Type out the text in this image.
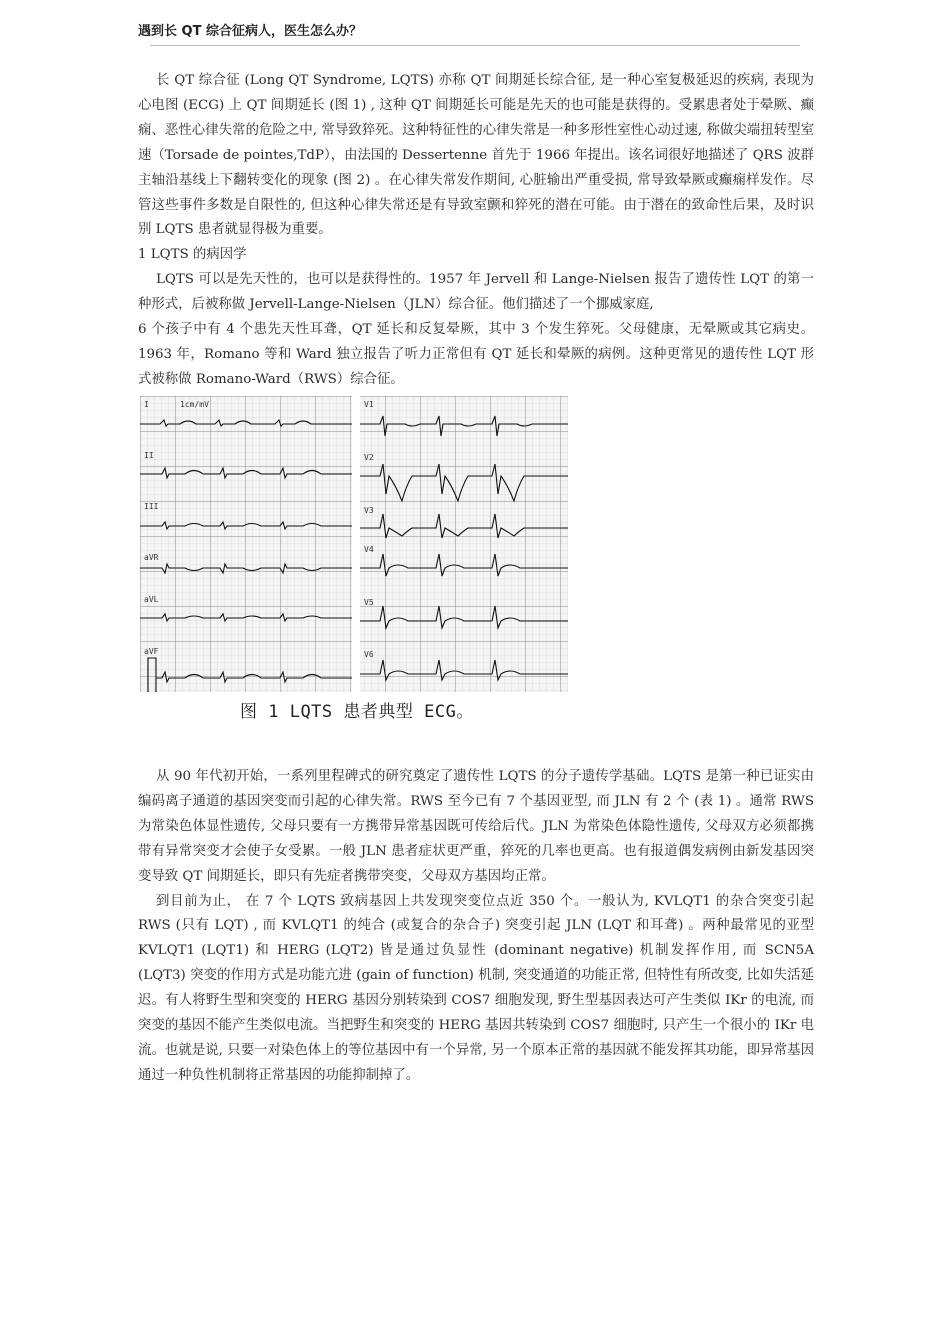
遇到长 QT 综合征病人，医生怎么办？

长 QT 综合征 (Long QT Syndrome, LQTS) 亦称 QT 间期延长综合征, 是一种心室复极延迟的疾病, 表现为心电图 (ECG) 上 QT 间期延长 (图 1) , 这种 QT 间期延长可能是先天的也可能是获得的。受累患者处于晕厥、癫痫、恶性心律失常的危险之中, 常导致猝死。这种特征性的心律失常是一种多形性室性心动过速, 称做尖端扭转型室速（Torsade de pointes,TdP），由法国的 Dessertenne 首先于 1966 年提出。该名词很好地描述了 QRS 波群主轴沿基线上下翻转变化的现象 (图 2) 。在心律失常发作期间, 心脏输出严重受损, 常导致晕厥或癫痫样发作。尽管这些事件多数是自限性的, 但这种心律失常还是有导致室颤和猝死的潜在可能。由于潜在的致命性后果，及时识别 LQTS 患者就显得极为重要。

1 LQTS 的病因学

LQTS 可以是先天性的，也可以是获得性的。1957 年 Jervell 和 Lange-Nielsen 报告了遗传性 LQT 的第一种形式，后被称做 Jervell-Lange-Nielsen（JLN）综合征。他们描述了一个挪威家庭,

6 个孩子中有 4 个患先天性耳聋，QT 延长和反复晕厥，其中 3 个发生猝死。父母健康，无晕厥或其它病史。1963 年，Romano 等和 Ward 独立报告了听力正常但有 QT 延长和晕厥的病例。这种更常见的遗传性 LQT 形式被称做 Romano-Ward（RWS）综合征。

I	1cm/mV
II
III
aVR
aVL
aVF
V1
V2
V3
V4
V5
V6
图 1 LQTS 患者典型 ECG。

从 90 年代初开始，一系列里程碑式的研究奠定了遗传性 LQTS 的分子遗传学基础。LQTS 是第一种已证实由编码离子通道的基因突变而引起的心律失常。RWS 至今已有 7 个基因亚型, 而 JLN 有 2 个 (表 1) 。通常 RWS 为常染色体显性遗传, 父母只要有一方携带异常基因既可传给后代。JLN 为常染色体隐性遗传, 父母双方必须都携带有异常突变才会使子女受累。一般 JLN 患者症状更严重，猝死的几率也更高。也有报道偶发病例由新发基因突变导致 QT 间期延长，即只有先症者携带突变，父母双方基因均正常。

到目前为止， 在 7 个 LQTS 致病基因上共发现突变位点近 350 个。一般认为, KVLQT1 的杂合突变引起 RWS (只有 LQT) , 而 KVLQT1 的纯合 (或复合的杂合子) 突变引起 JLN (LQT 和耳聋) 。两种最常见的亚型 KVLQT1 (LQT1) 和 HERG (LQT2) 皆是通过负显性 (dominant negative) 机制发挥作用, 而 SCN5A (LQT3) 突变的作用方式是功能亢进 (gain of function) 机制, 突变通道的功能正常, 但特性有所改变, 比如失活延迟。有人将野生型和突变的 HERG 基因分别转染到 COS7 细胞发现, 野生型基因表达可产生类似 IKr 的电流, 而突变的基因不能产生类似电流。当把野生和突变的 HERG 基因共转染到 COS7 细胞时, 只产生一个很小的 IKr 电流。也就是说, 只要一对染色体上的等位基因中有一个异常, 另一个原本正常的基因就不能发挥其功能，即异常基因通过一种负性机制将正常基因的功能抑制掉了。
